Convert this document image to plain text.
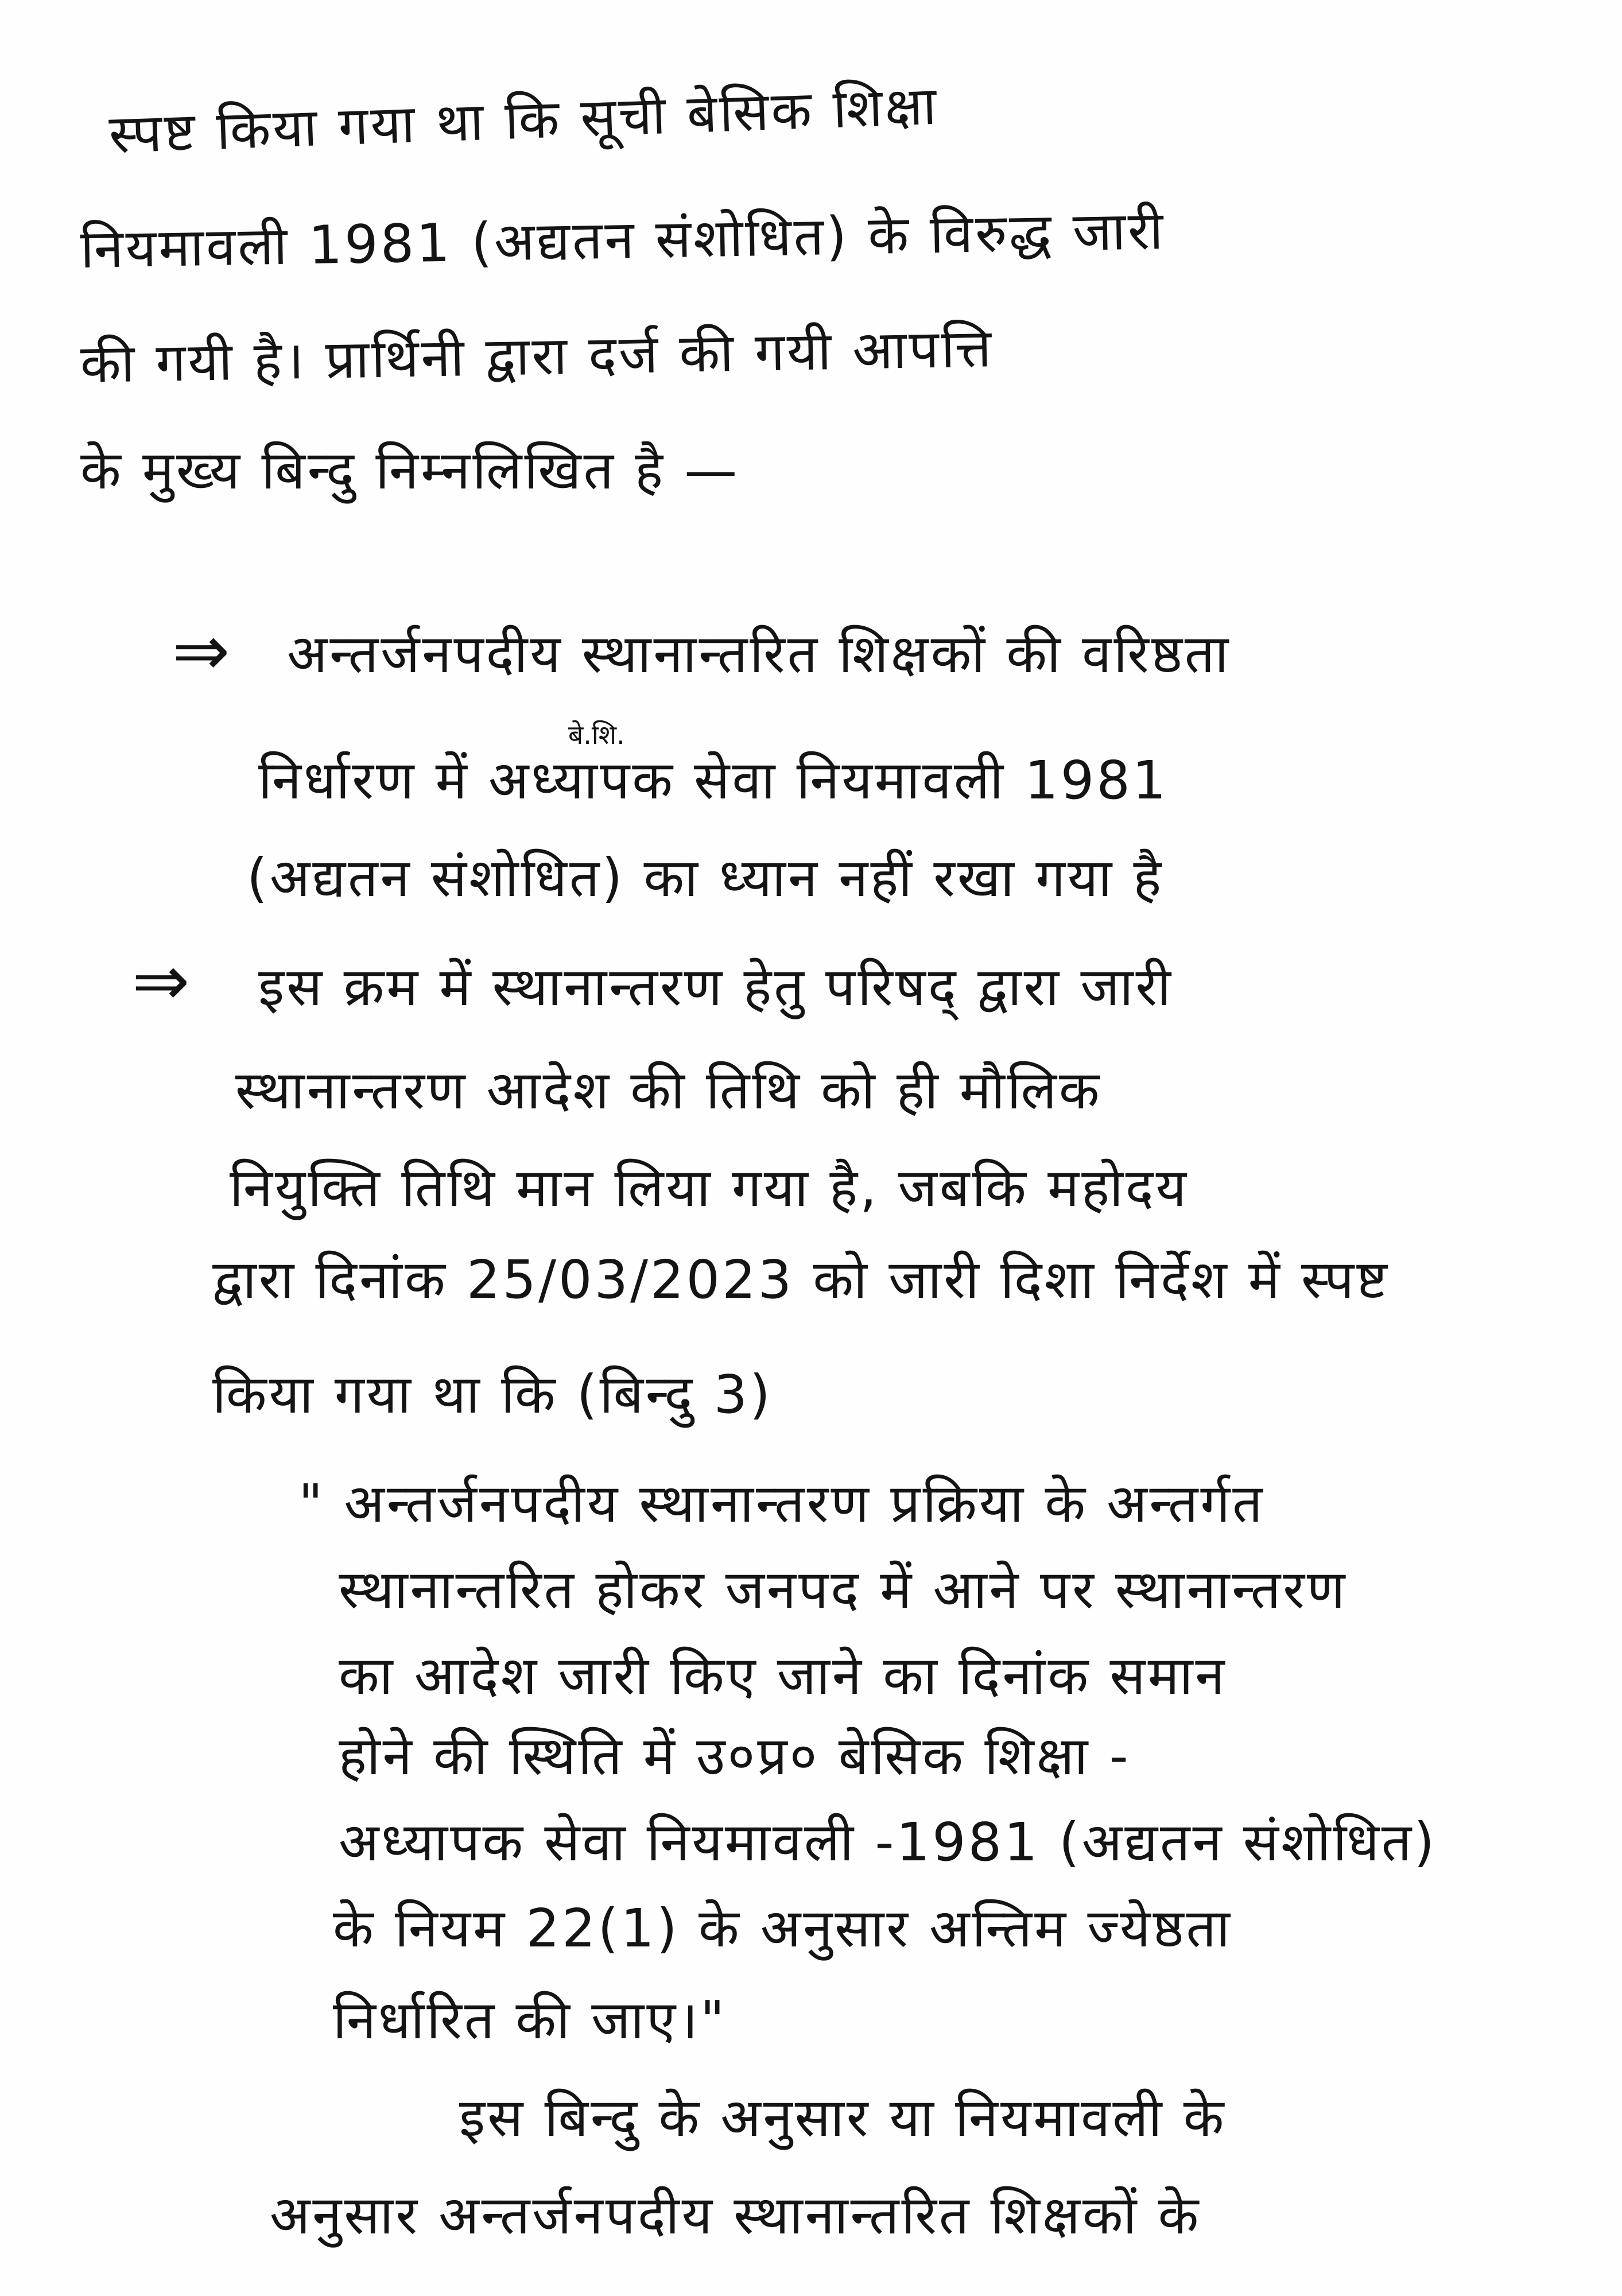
स्पष्ट किया गया था कि सूची बेसिक शिक्षा
नियमावली 1981 (अद्यतन संशोधित) के विरुद्ध जारी
की गयी है। प्रार्थिनी द्वारा दर्ज की गयी आपत्ति
के मुख्य बिन्दु निम्नलिखित है —
⇒ अन्तर्जनपदीय स्थानान्तरित शिक्षकों की वरिष्ठता
बे.शि.
निर्धारण में अध्यापक सेवा नियमावली 1981
(अद्यतन संशोधित) का ध्यान नहीं रखा गया है
⇒ इस क्रम में स्थानान्तरण हेतु परिषद् द्वारा जारी
स्थानान्तरण आदेश की तिथि को ही मौलिक
नियुक्ति तिथि मान लिया गया है, जबकि महोदय
द्वारा दिनांक 25/03/2023 को जारी दिशा निर्देश में स्पष्ट
किया गया था कि (बिन्दु 3)
" अन्तर्जनपदीय स्थानान्तरण प्रक्रिया के अन्तर्गत
स्थानान्तरित होकर जनपद में आने पर स्थानान्तरण
का आदेश जारी किए जाने का दिनांक समान
होने की स्थिति में उ०प्र० बेसिक शिक्षा -
अध्यापक सेवा नियमावली -1981 (अद्यतन संशोधित)
के नियम 22(1) के अनुसार अन्तिम ज्येष्ठता
निर्धारित की जाए।"
इस बिन्दु के अनुसार या नियमावली के
अनुसार अन्तर्जनपदीय स्थानान्तरित शिक्षकों के
